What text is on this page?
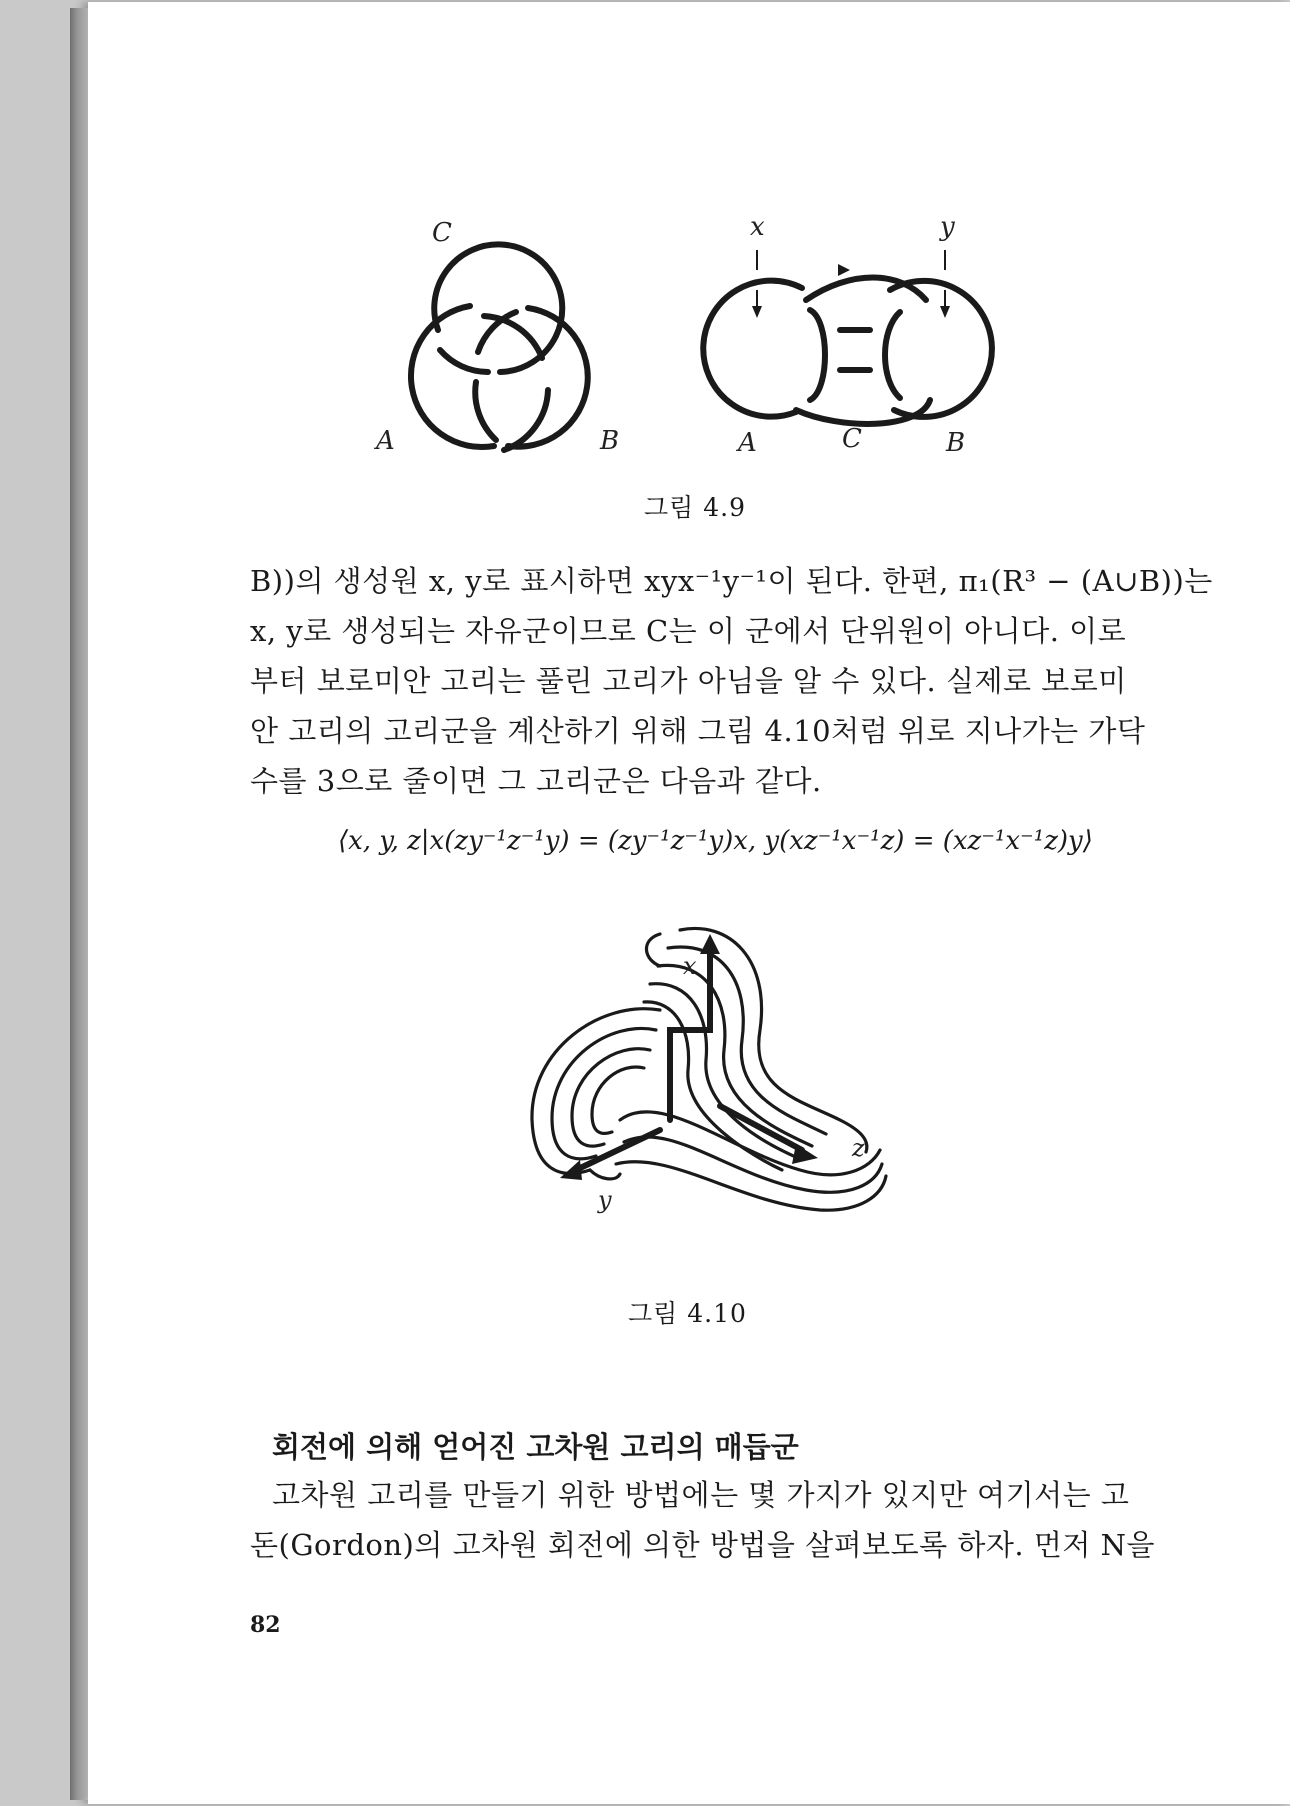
C
A	B
x	y
A	C	B
그림 4.9
B))의 생성원 x, y로 표시하면 xyx⁻¹y⁻¹이 된다. 한편, π₁(R³ − (A∪B))는
x, y로 생성되는 자유군이므로 C는 이 군에서 단위원이 아니다. 이로
부터 보로미안 고리는 풀린 고리가 아님을 알 수 있다. 실제로 보로미
안 고리의 고리군을 계산하기 위해 그림 4.10처럼 위로 지나가는 가닥
수를 3으로 줄이면 그 고리군은 다음과 같다.
⟨x, y, z|x(zy⁻¹z⁻¹y) = (zy⁻¹z⁻¹y)x, y(xz⁻¹x⁻¹z) = (xz⁻¹x⁻¹z)y⟩
x
y
z
그림 4.10
회전에 의해 얻어진 고차원 고리의 매듭군
고차원 고리를 만들기 위한 방법에는 몇 가지가 있지만 여기서는 고
돈(Gordon)의 고차원 회전에 의한 방법을 살펴보도록 하자. 먼저 N을
82
